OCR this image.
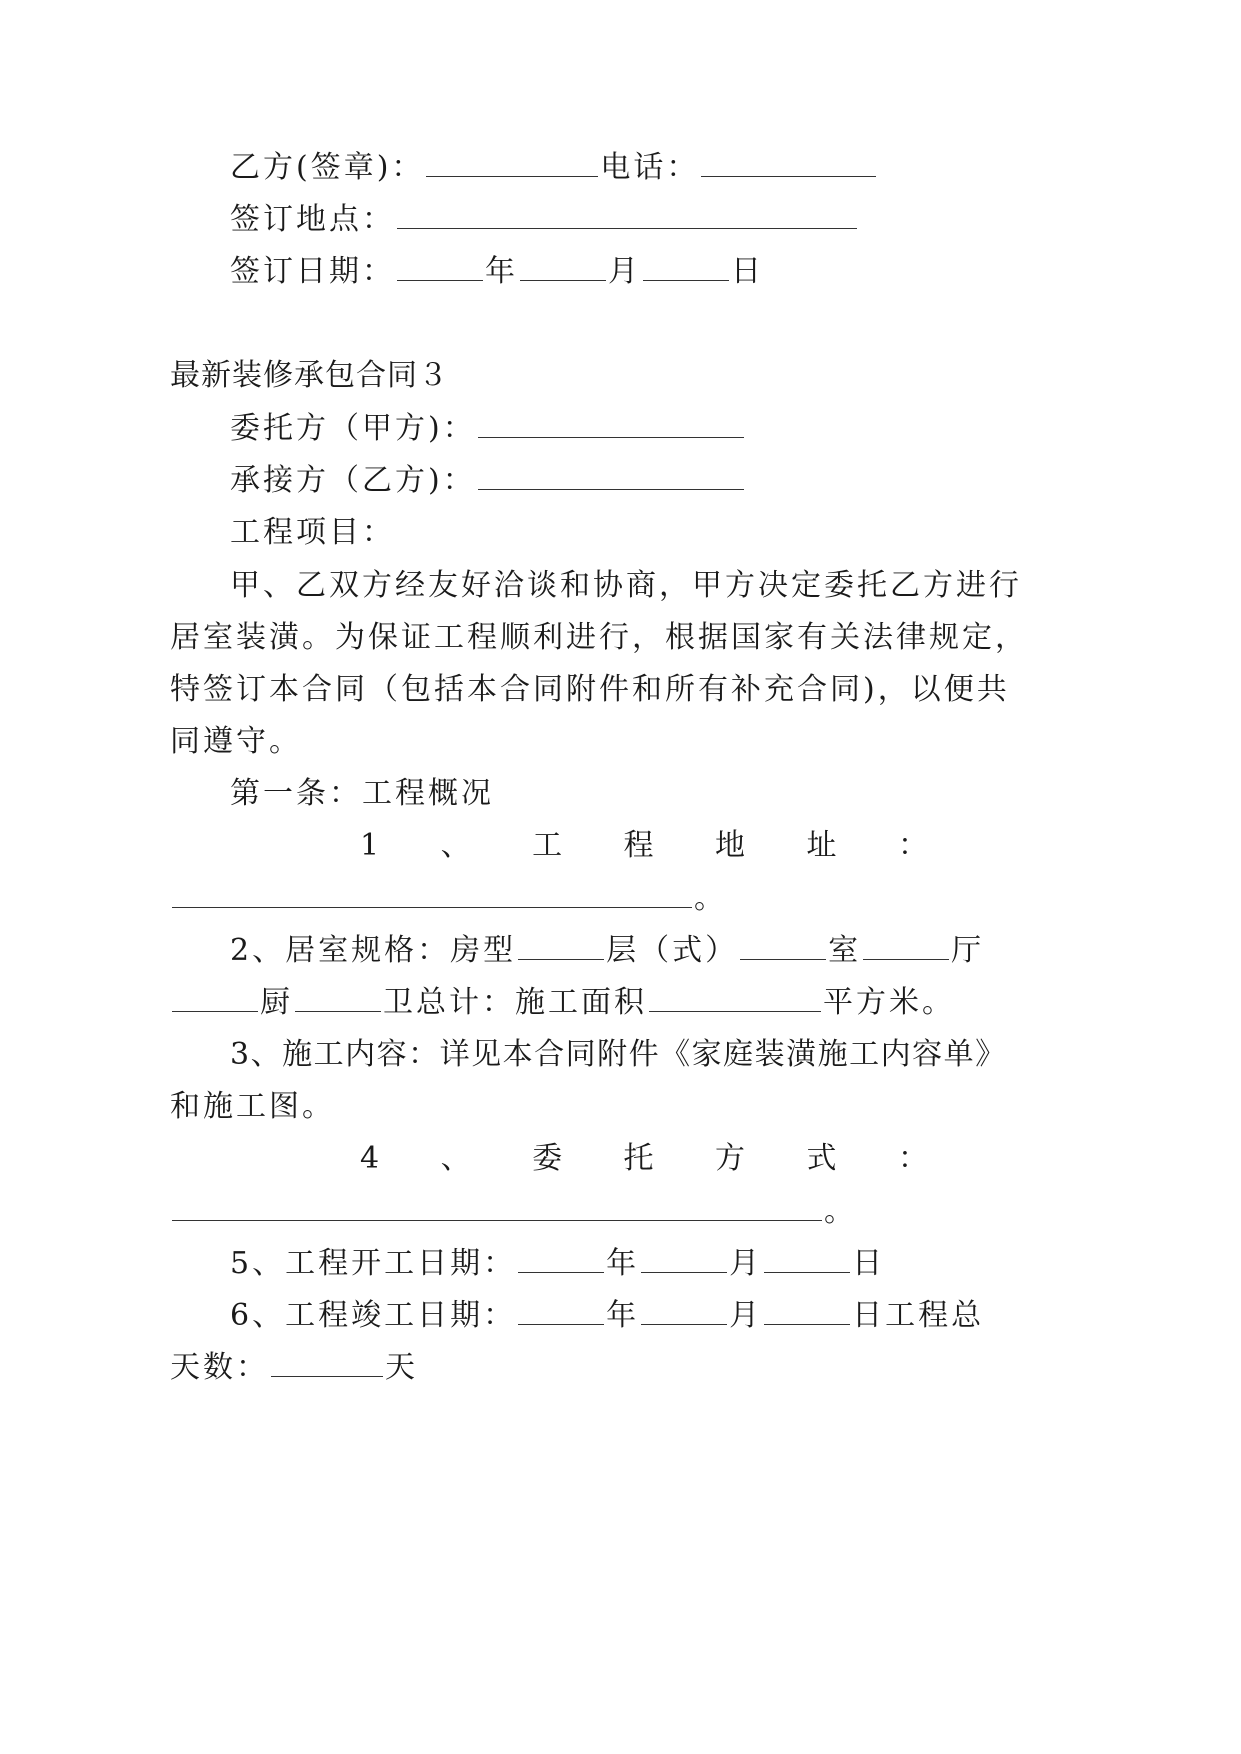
乙方(签章)：	电话：
签订地点：
签订日期：	年	月	日
最新装修承包合同３
委托方（甲方)：
承接方（乙方)：
工程项目：
甲、乙双方经友好洽谈和协商，甲方决定委托乙方进行
居室装潢。为保证工程顺利进行，根据国家有关法律规定，
特签订本合同（包括本合同附件和所有补充合同)，以便共
同遵守。
第一条：工程概况
1 、 工 程 地 址 ：
。
2、居室规格：房型	层（式）	室	厅
厨	卫总计：施工面积	平方米。
3、施工内容：详见本合同附件《家庭装潢施工内容单》
和施工图。
4 、 委 托 方 式 ：
。
5、工程开工日期：	年	月	日
6、工程竣工日期：	年	月	日工程总
天数：	天
